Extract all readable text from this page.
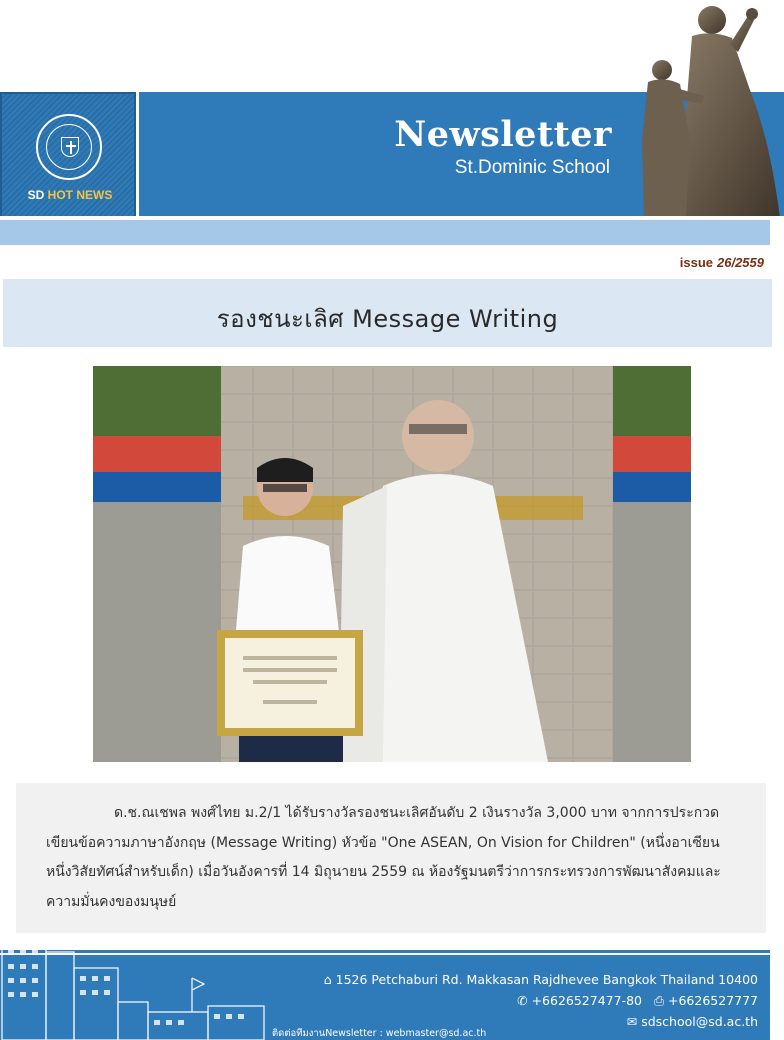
SD HOT NEWS
Newsletter
St.Dominic School
issue 26/2559
รองชนะเลิศ Message Writing

ด.ช.ณเชพล พงศ์ไทย ม.2/1 ได้รับรางวัลรองชนะเลิศอันดับ 2 เงินรางวัล 3,000 บาท จากการประกวดเขียนข้อความภาษาอังกฤษ (Message Writing) หัวข้อ "One ASEAN, On Vision for Children" (หนึ่งอาเซียน หนึ่งวิสัยทัศน์สำหรับเด็ก) เมื่อวันอังคารที่ 14 มิถุนายน 2559 ณ ห้องรัฐมนตรีว่าการกระทรวงการพัฒนาสังคมและความมั่นคงของมนุษย์

⌂ 1526 Petchaburi Rd. Makkasan Rajdhevee Bangkok Thailand 10400
✆ +6626527477-80 ⎙ +6626527777
✉ sdschool@sd.ac.th
ติดต่อทีมงานNewsletter : webmaster@sd.ac.th
